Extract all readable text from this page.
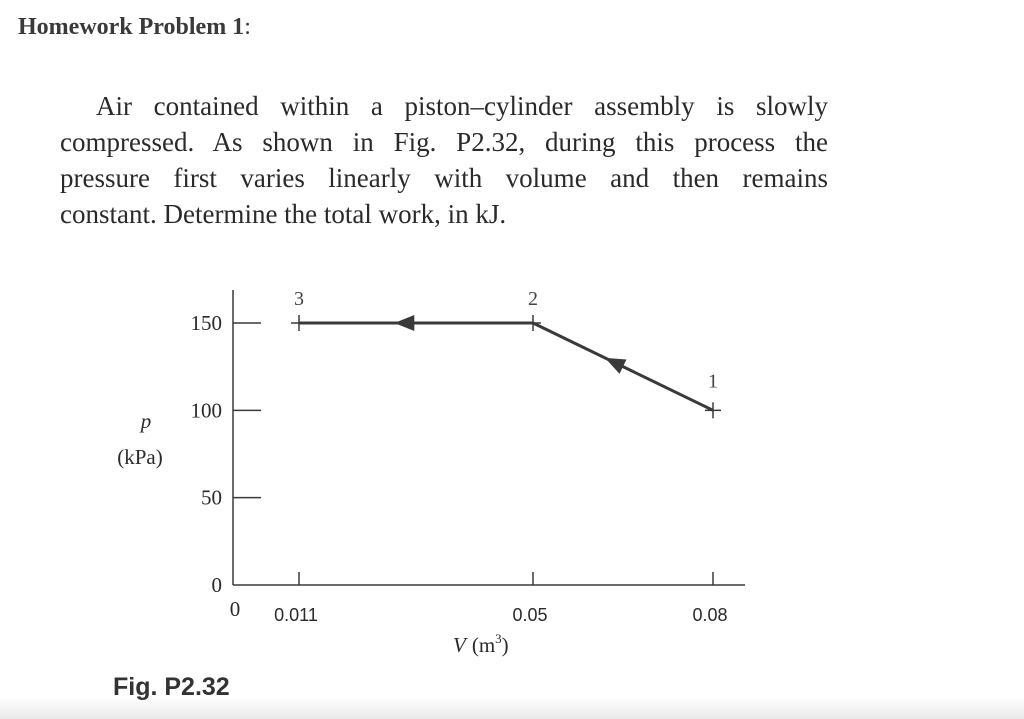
Homework Problem 1:
Air contained within a piston–cylinder assembly is slowly
compressed. As shown in Fig. P2.32, during this process the
pressure first varies linearly with volume and then remains
constant. Determine the total work, in kJ.
0
50
100
150
0.011	0.05	0.08
1
2
3
p
(kPa)
0
V $(m^3)$
Fig. P2.32
